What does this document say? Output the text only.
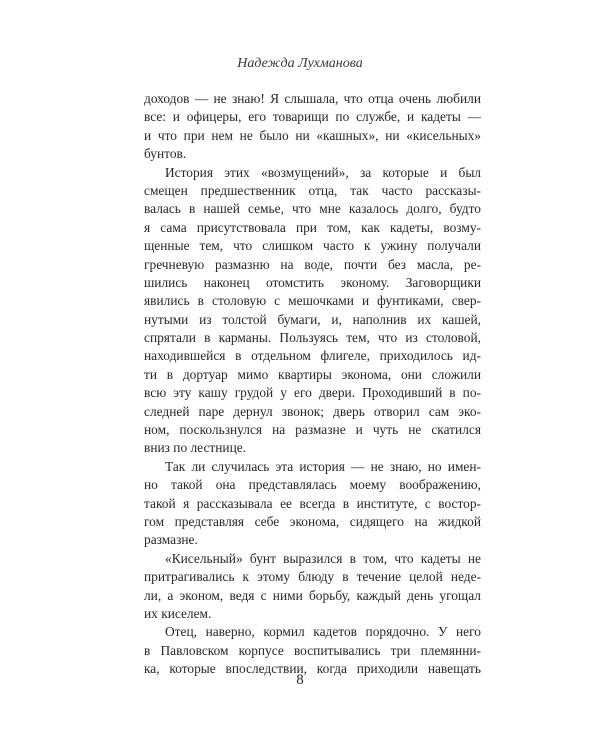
Надежда Лухманова
доходов — не знаю! Я слышала, что отца очень любили
все: и офицеры, его товарищи по службе, и кадеты —
и что при нем не было ни «кашных», ни «кисельных»
бунтов.
История этих «возмущений», за которые и был
смещен предшественник отца, так часто рассказы-
валась в нашей семье, что мне казалось долго, будто
я сама присутствовала при том, как кадеты, возму-
щенные тем, что слишком часто к ужину получали
гречневую размазню на воде, почти без масла, ре-
шились наконец отомстить эконому. Заговорщики
явились в столовую с мешочками и фунтиками, свер-
нутыми из толстой бумаги, и, наполнив их кашей,
спрятали в карманы. Пользуясь тем, что из столовой,
находившейся в отдельном флигеле, приходилось ид-
ти в дортуар мимо квартиры эконома, они сложили
всю эту кашу грудой у его двери. Проходивший в по-
следней паре дернул звонок; дверь отворил сам эко-
ном, поскользнулся на размазне и чуть не скатился
вниз по лестнице.
Так ли случилась эта история — не знаю, но имен-
но такой она представлялась моему воображению,
такой я рассказывала ее всегда в институте, с востор-
гом представляя себе эконома, сидящего на жидкой
размазне.
«Кисельный» бунт выразился в том, что кадеты не
притрагивались к этому блюду в течение целой неде-
ли, а эконом, ведя с ними борьбу, каждый день угощал
их киселем.
Отец, наверно, кормил кадетов порядочно. У него
в Павловском корпусе воспитывались три племянни-
ка, которые впоследствии, когда приходили навещать
8
